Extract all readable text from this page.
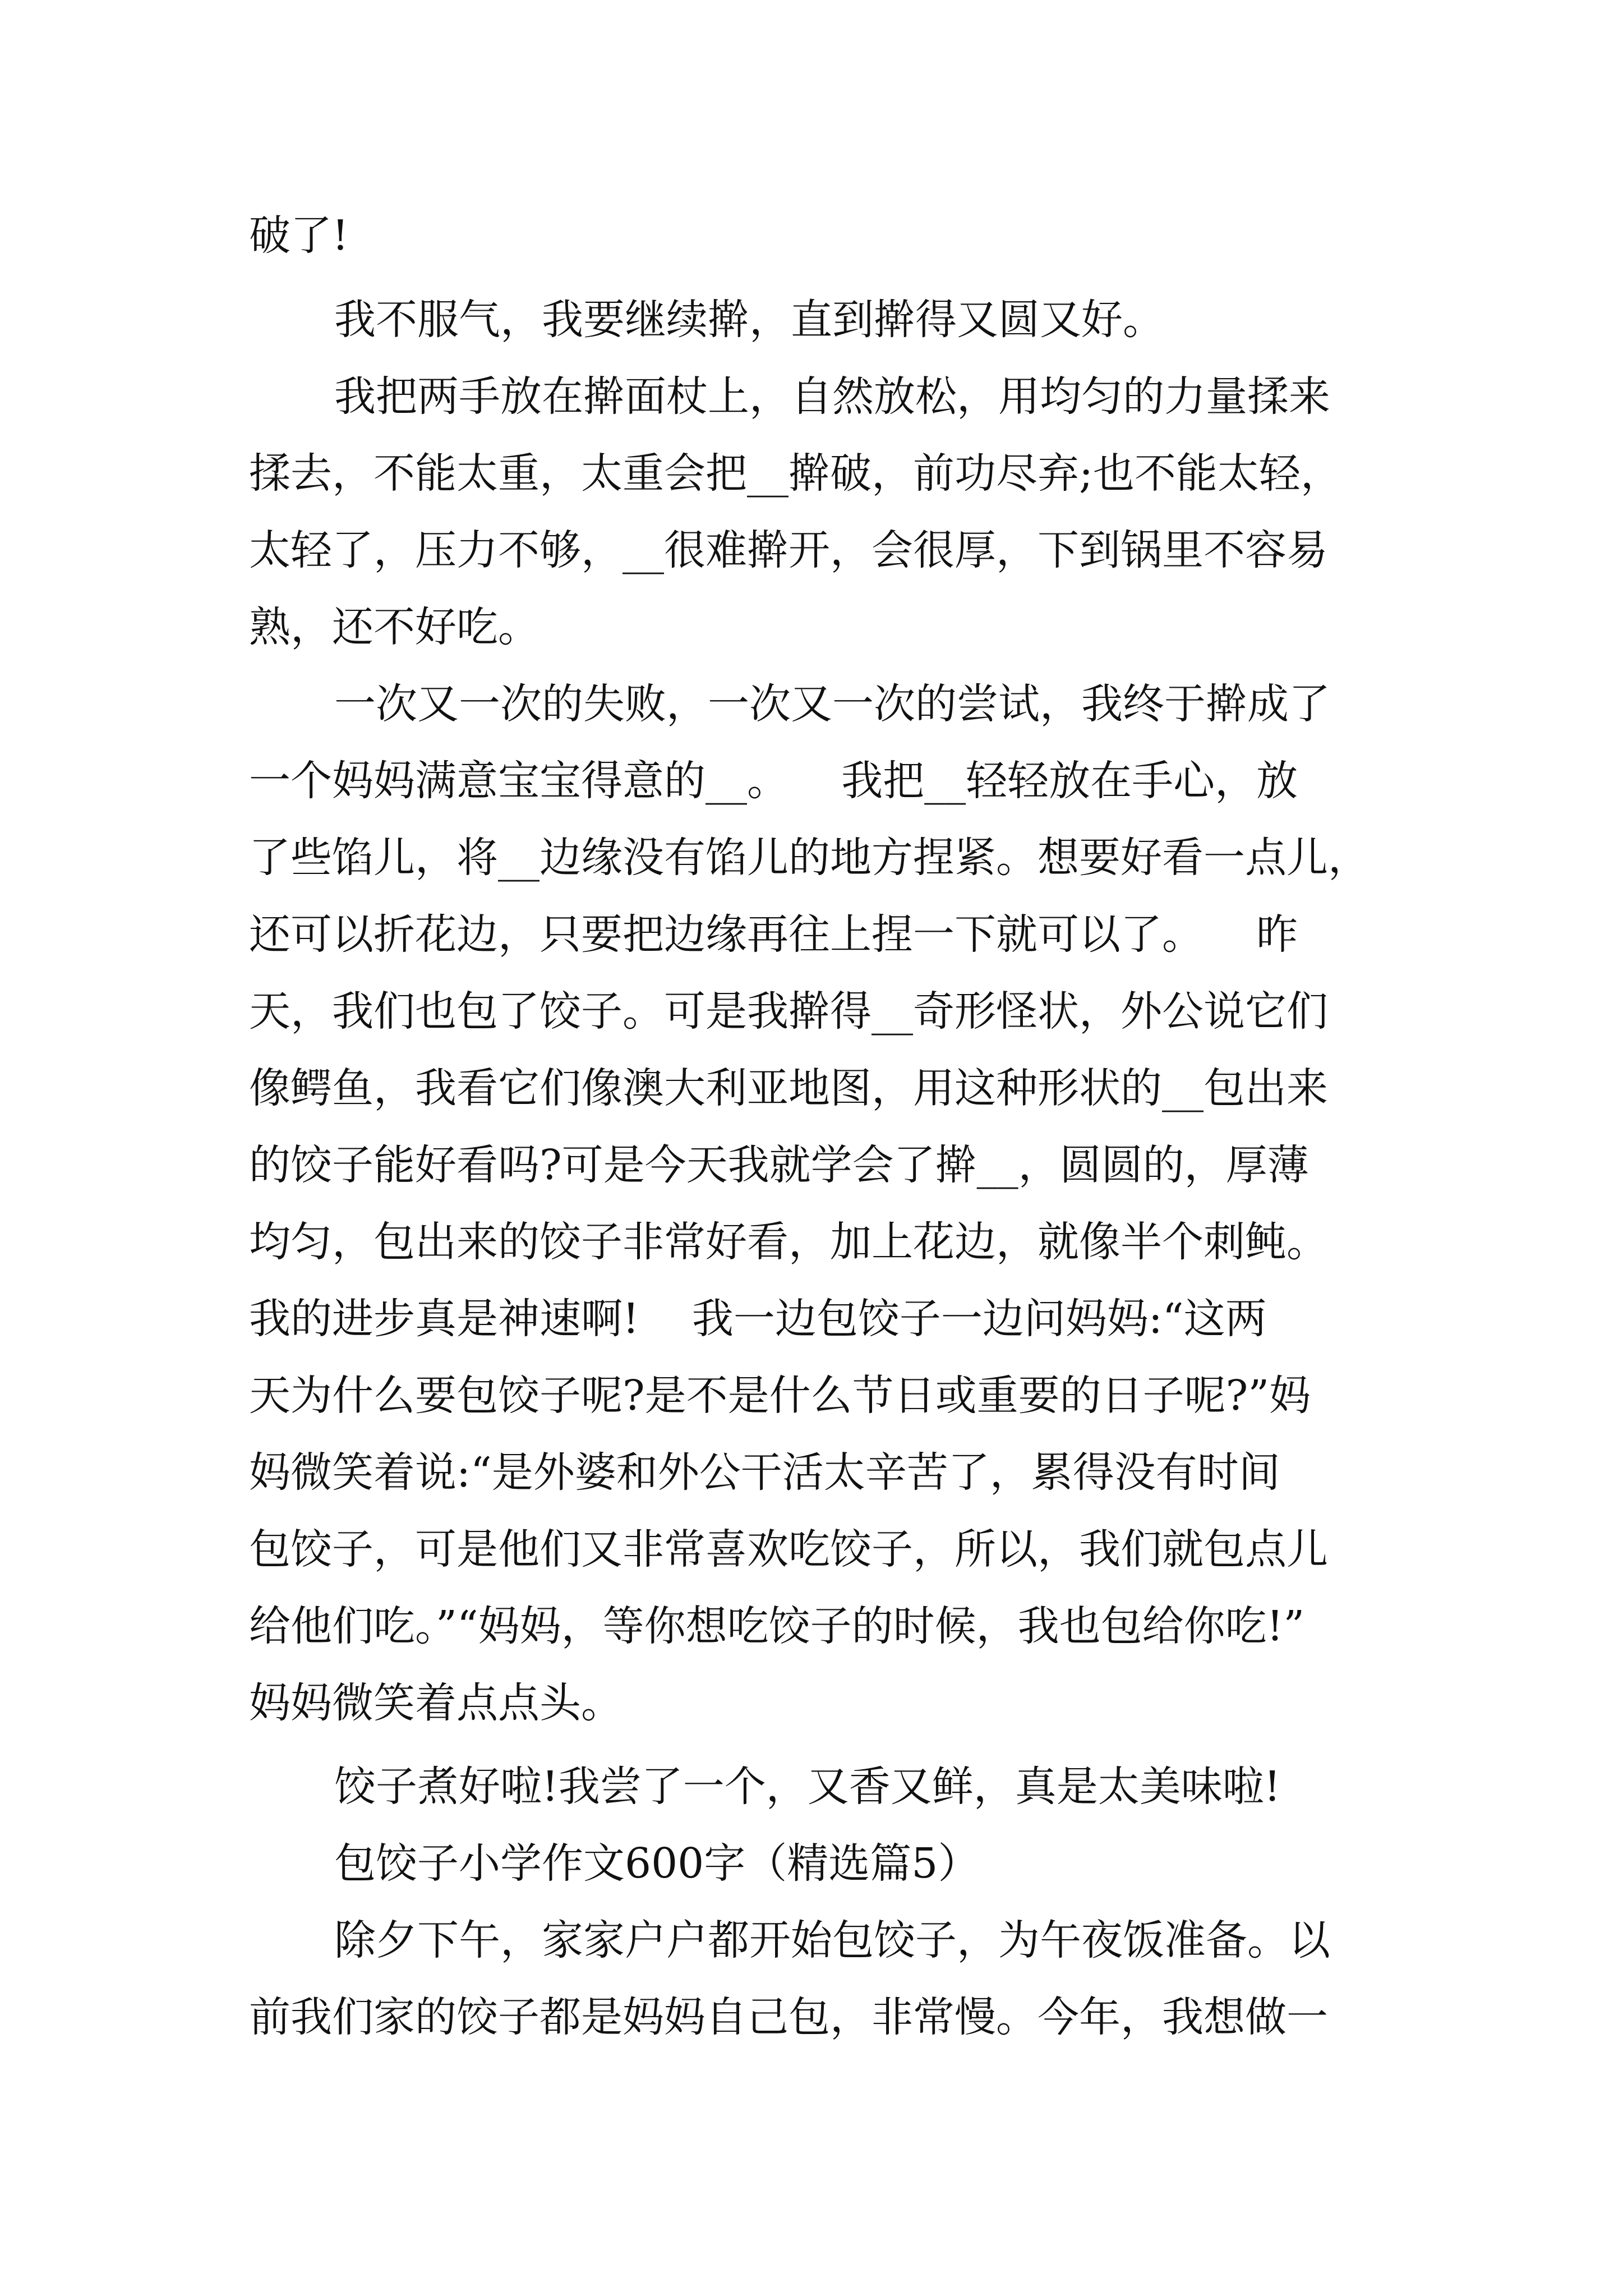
破了!
我不服气，我要继续擀，直到擀得又圆又好。
我把两手放在擀面杖上，自然放松，用均匀的力量揉来
揉去，不能太重，太重会把__擀破，前功尽弃;也不能太轻，
太轻了，压力不够，__很难擀开，会很厚，下到锅里不容易
熟，还不好吃。
一次又一次的失败，一次又一次的尝试，我终于擀成了
一个妈妈满意宝宝得意的__。    我把__轻轻放在手心，放
了些馅儿，将__边缘没有馅儿的地方捏紧。想要好看一点儿，
还可以折花边，只要把边缘再往上捏一下就可以了。    昨
天，我们也包了饺子。可是我擀得__奇形怪状，外公说它们
像鳄鱼，我看它们像澳大利亚地图，用这种形状的__包出来
的饺子能好看吗?可是今天我就学会了擀__，圆圆的，厚薄
均匀，包出来的饺子非常好看，加上花边，就像半个刺鲀。
我的进步真是神速啊!    我一边包饺子一边问妈妈:“这两
天为什么要包饺子呢?是不是什么节日或重要的日子呢?”妈
妈微笑着说:“是外婆和外公干活太辛苦了，累得没有时间
包饺子，可是他们又非常喜欢吃饺子，所以，我们就包点儿
给他们吃。”“妈妈，等你想吃饺子的时候，我也包给你吃!”
妈妈微笑着点点头。
饺子煮好啦!我尝了一个，又香又鲜，真是太美味啦!
包饺子小学作文600字（精选篇5）
除夕下午，家家户户都开始包饺子，为午夜饭准备。以
前我们家的饺子都是妈妈自己包，非常慢。今年，我想做一
